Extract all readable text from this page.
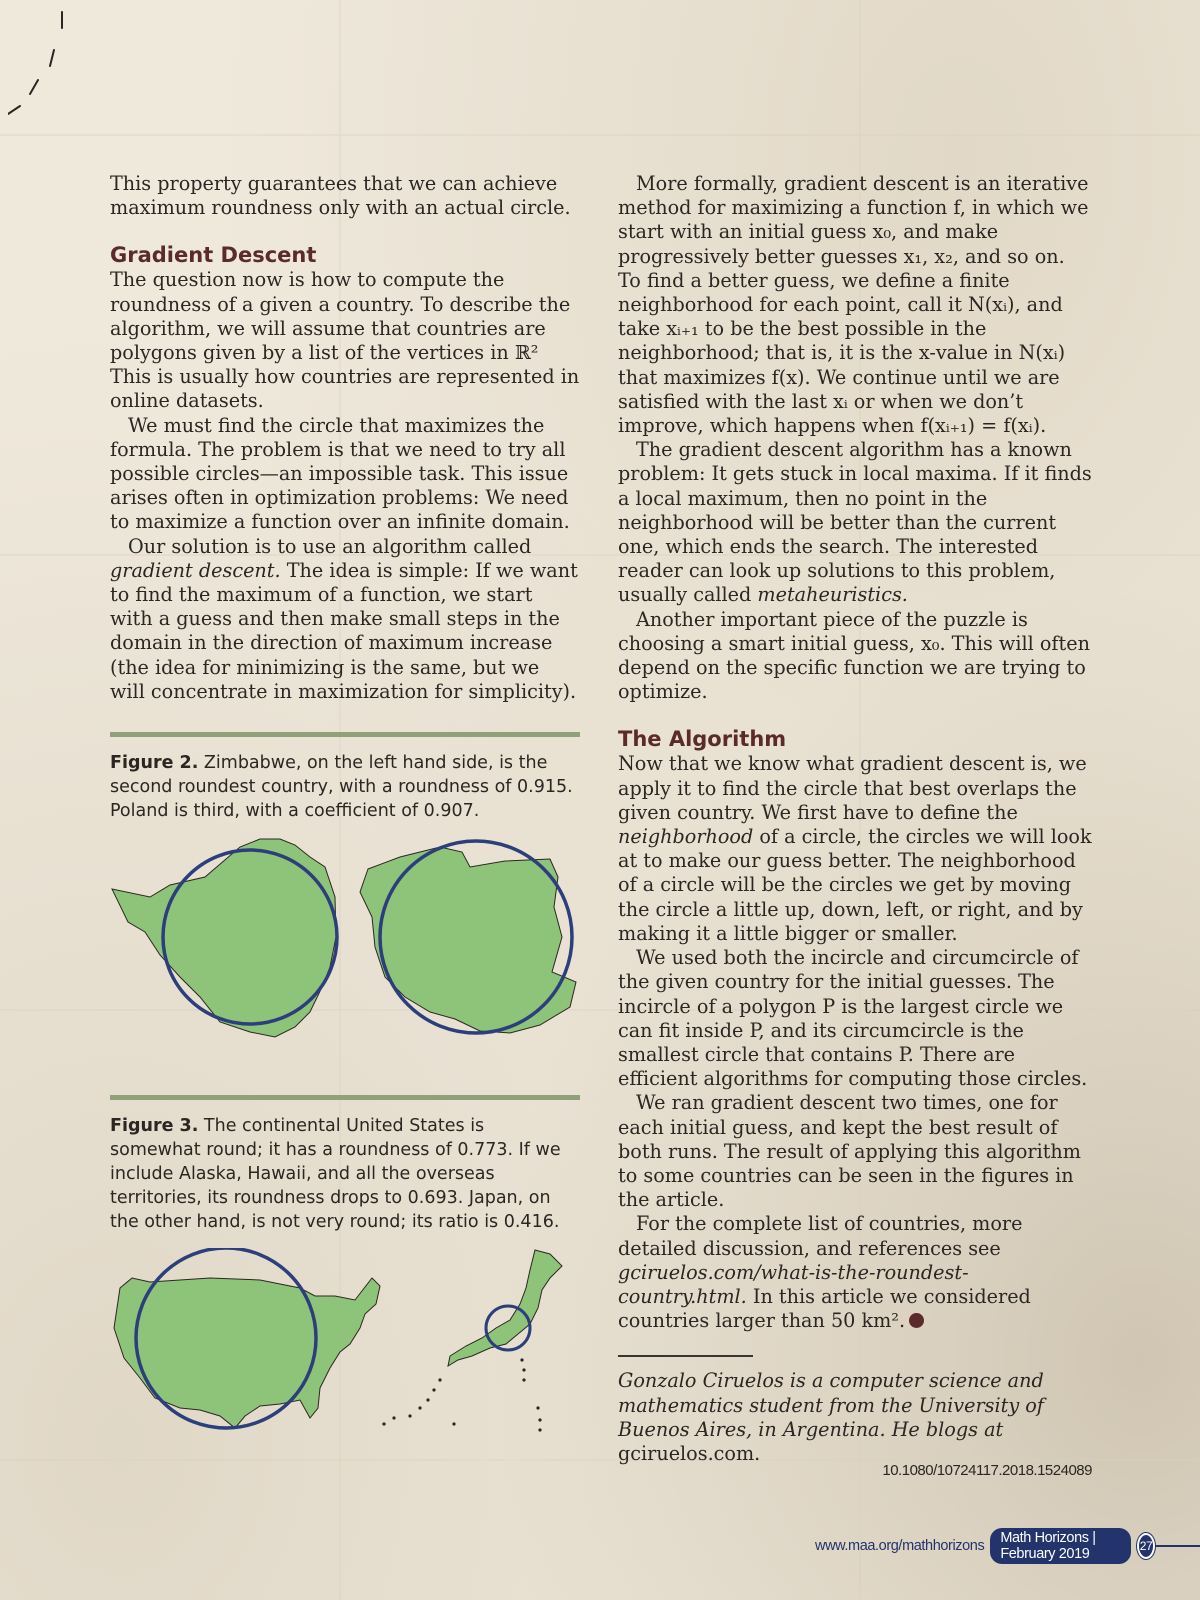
This property guarantees that we can achieve maximum roundness only with an actual circle.

Gradient Descent

The question now is how to compute the roundness of a given a country. To describe the algorithm, we will assume that countries are polygons given by a list of the vertices in ℝ² This is usually how countries are represented in online datasets.

We must find the circle that maximizes the formula. The problem is that we need to try all possible circles—an impossible task. This issue arises often in optimization problems: We need to maximize a function over an infinite domain.

Our solution is to use an algorithm called gradient descent. The idea is simple: If we want to find the maximum of a function, we start with a guess and then make small steps in the domain in the direction of maximum increase (the idea for minimizing is the same, but we will concentrate in maximization for simplicity).

Figure 2. Zimbabwe, on the left hand side, is the second roundest country, with a roundness of 0.915. Poland is third, with a coefficient of 0.907.
Figure 3. The continental United States is somewhat round; it has a roundness of 0.773. If we include Alaska, Hawaii, and all the overseas territories, its roundness drops to 0.693. Japan, on the other hand, is not very round; its ratio is 0.416.

More formally, gradient descent is an iterative method for maximizing a function f, in which we start with an initial guess x₀, and make progressively better guesses x₁, x₂, and so on. To find a better guess, we define a finite neighborhood for each point, call it N(xᵢ), and take xᵢ₊₁ to be the best possible in the neighborhood; that is, it is the x-value in N(xᵢ) that maximizes f(x). We continue until we are satisfied with the last xᵢ or when we don’t improve, which happens when f(xᵢ₊₁) = f(xᵢ).

The gradient descent algorithm has a known problem: It gets stuck in local maxima. If it finds a local maximum, then no point in the neighborhood will be better than the current one, which ends the search. The interested reader can look up solutions to this problem, usually called metaheuristics.

Another important piece of the puzzle is choosing a smart initial guess, x₀. This will often depend on the specific function we are trying to optimize.

The Algorithm

Now that we know what gradient descent is, we apply it to find the circle that best overlaps the given country. We first have to define the neighborhood of a circle, the circles we will look at to make our guess better. The neighborhood of a circle will be the circles we get by moving the circle a little up, down, left, or right, and by making it a little bigger or smaller.

We used both the incircle and circumcircle of the given country for the initial guesses. The incircle of a polygon P is the largest circle we can fit inside P, and its circumcircle is the smallest circle that contains P. There are efficient algorithms for computing those circles.

We ran gradient descent two times, one for each initial guess, and kept the best result of both runs. The result of applying this algorithm to some countries can be seen in the figures in the article.

For the complete list of countries, more detailed discussion, and references see gciruelos.com/what-is-the-roundest-country.html. In this article we considered countries larger than 50 km².

Gonzalo Ciruelos is a computer science and mathematics student from the University of Buenos Aires, in Argentina. He blogs at gciruelos.com.

10.1080/10724117.2018.1524089
www.maa.org/mathhorizons	Math Horizons | February 2019	27
